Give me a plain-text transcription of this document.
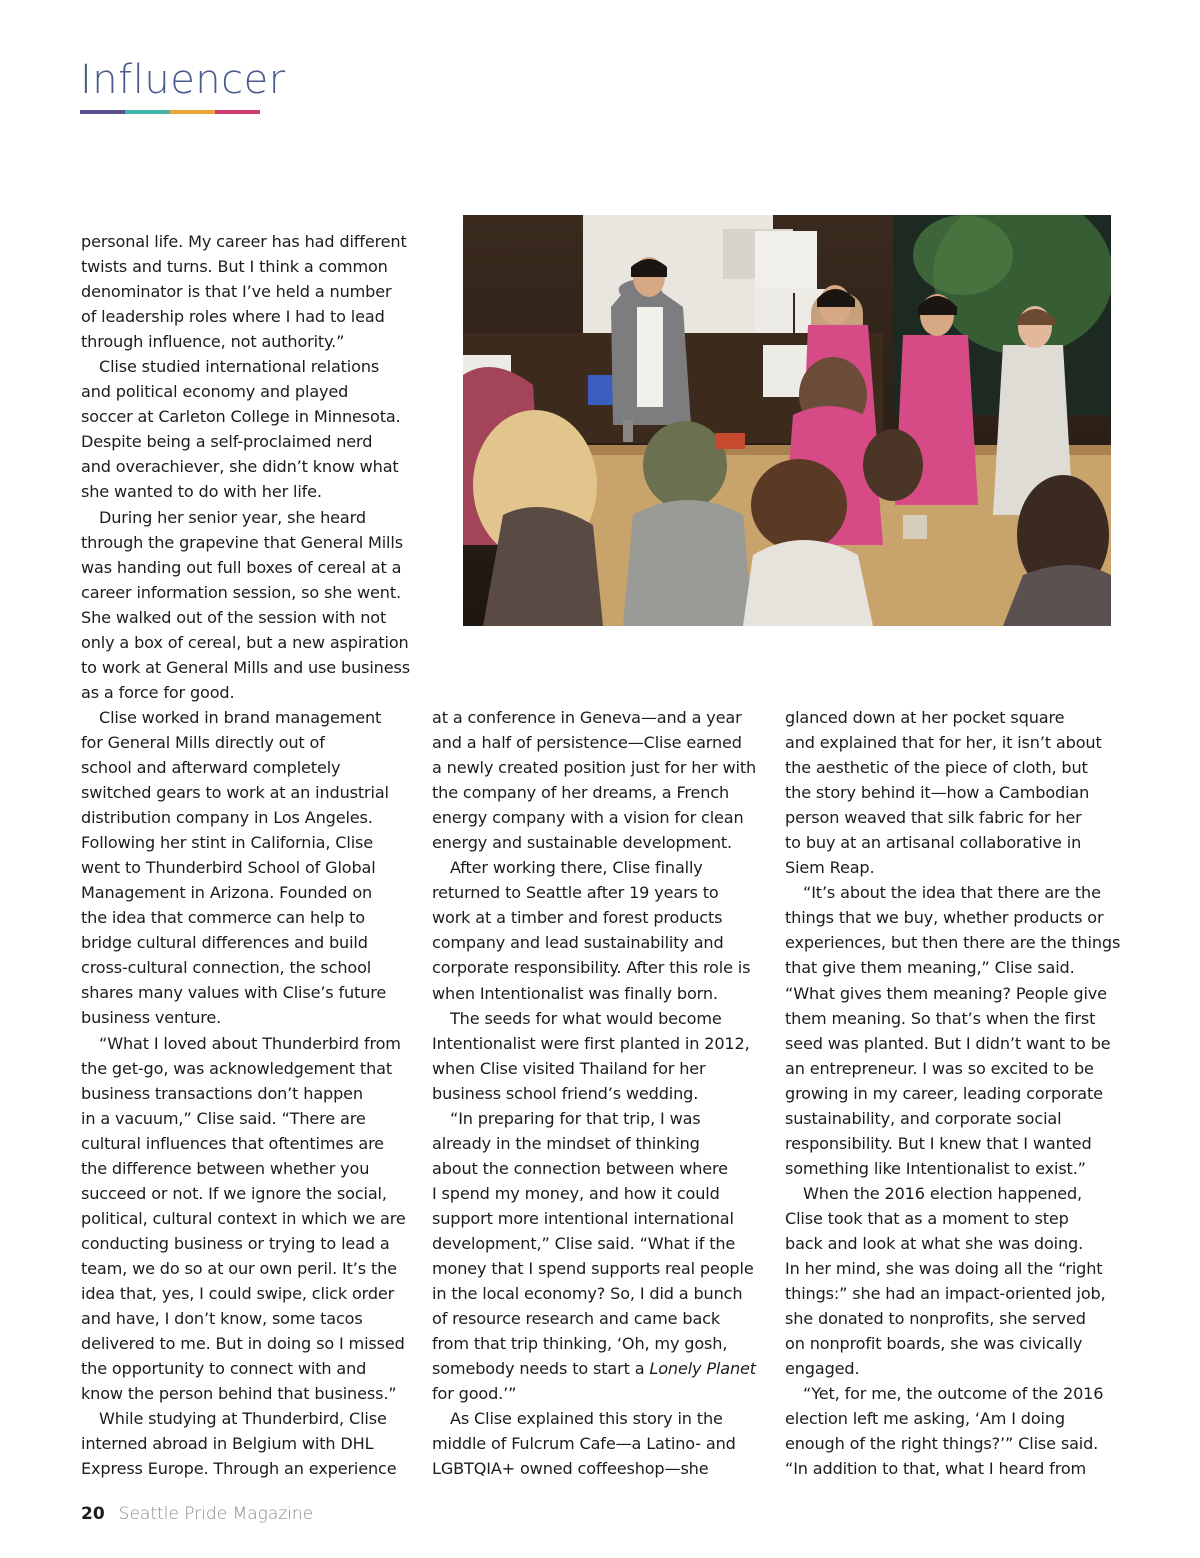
Influencer

personal life. My career has had different

twists and turns. But I think a common

denominator is that I’ve held a number

of leadership roles where I had to lead

through influence, not authority.”

Clise studied international relations

and political economy and played

soccer at Carleton College in Minnesota.

Despite being a self-proclaimed nerd

and overachiever, she didn’t know what

she wanted to do with her life.

During her senior year, she heard

through the grapevine that General Mills

was handing out full boxes of cereal at a

career information session, so she went.

She walked out of the session with not

only a box of cereal, but a new aspiration

to work at General Mills and use business

as a force for good.

Clise worked in brand management

for General Mills directly out of

school and afterward completely

switched gears to work at an industrial

distribution company in Los Angeles.

Following her stint in California, Clise

went to Thunderbird School of Global

Management in Arizona. Founded on

the idea that commerce can help to

bridge cultural differences and build

cross-cultural connection, the school

shares many values with Clise’s future

business venture.

“What I loved about Thunderbird from

the get-go, was acknowledgement that

business transactions don’t happen

in a vacuum,” Clise said. “There are

cultural influences that oftentimes are

the difference between whether you

succeed or not. If we ignore the social,

political, cultural context in which we are

conducting business or trying to lead a

team, we do so at our own peril. It’s the

idea that, yes, I could swipe, click order

and have, I don’t know, some tacos

delivered to me. But in doing so I missed

the opportunity to connect with and

know the person behind that business.”

While studying at Thunderbird, Clise

interned abroad in Belgium with DHL

Express Europe. Through an experience

at a conference in Geneva—and a year

and a half of persistence—Clise earned

a newly created position just for her with

the company of her dreams, a French

energy company with a vision for clean

energy and sustainable development.

After working there, Clise finally

returned to Seattle after 19 years to

work at a timber and forest products

company and lead sustainability and

corporate responsibility. After this role is

when Intentionalist was finally born.

The seeds for what would become

Intentionalist were first planted in 2012,

when Clise visited Thailand for her

business school friend’s wedding.

“In preparing for that trip, I was

already in the mindset of thinking

about the connection between where

I spend my money, and how it could

support more intentional international

development,” Clise said. “What if the

money that I spend supports real people

in the local economy? So, I did a bunch

of resource research and came back

from that trip thinking, ‘Oh, my gosh,

somebody needs to start a Lonely Planet

for good.’”

As Clise explained this story in the

middle of Fulcrum Cafe—a Latino- and

LGBTQIA+ owned coffeeshop—she

glanced down at her pocket square

and explained that for her, it isn’t about

the aesthetic of the piece of cloth, but

the story behind it—how a Cambodian

person weaved that silk fabric for her

to buy at an artisanal collaborative in

Siem Reap.

“It’s about the idea that there are the

things that we buy, whether products or

experiences, but then there are the things

that give them meaning,” Clise said.

“What gives them meaning? People give

them meaning. So that’s when the first

seed was planted. But I didn’t want to be

an entrepreneur. I was so excited to be

growing in my career, leading corporate

sustainability, and corporate social

responsibility. But I knew that I wanted

something like Intentionalist to exist.”

When the 2016 election happened,

Clise took that as a moment to step

back and look at what she was doing.

In her mind, she was doing all the “right

things:” she had an impact-oriented job,

she donated to nonprofits, she served

on nonprofit boards, she was civically

engaged.

“Yet, for me, the outcome of the 2016

election left me asking, ‘Am I doing

enough of the right things?’” Clise said.

“In addition to that, what I heard from

20 Seattle Pride Magazine
